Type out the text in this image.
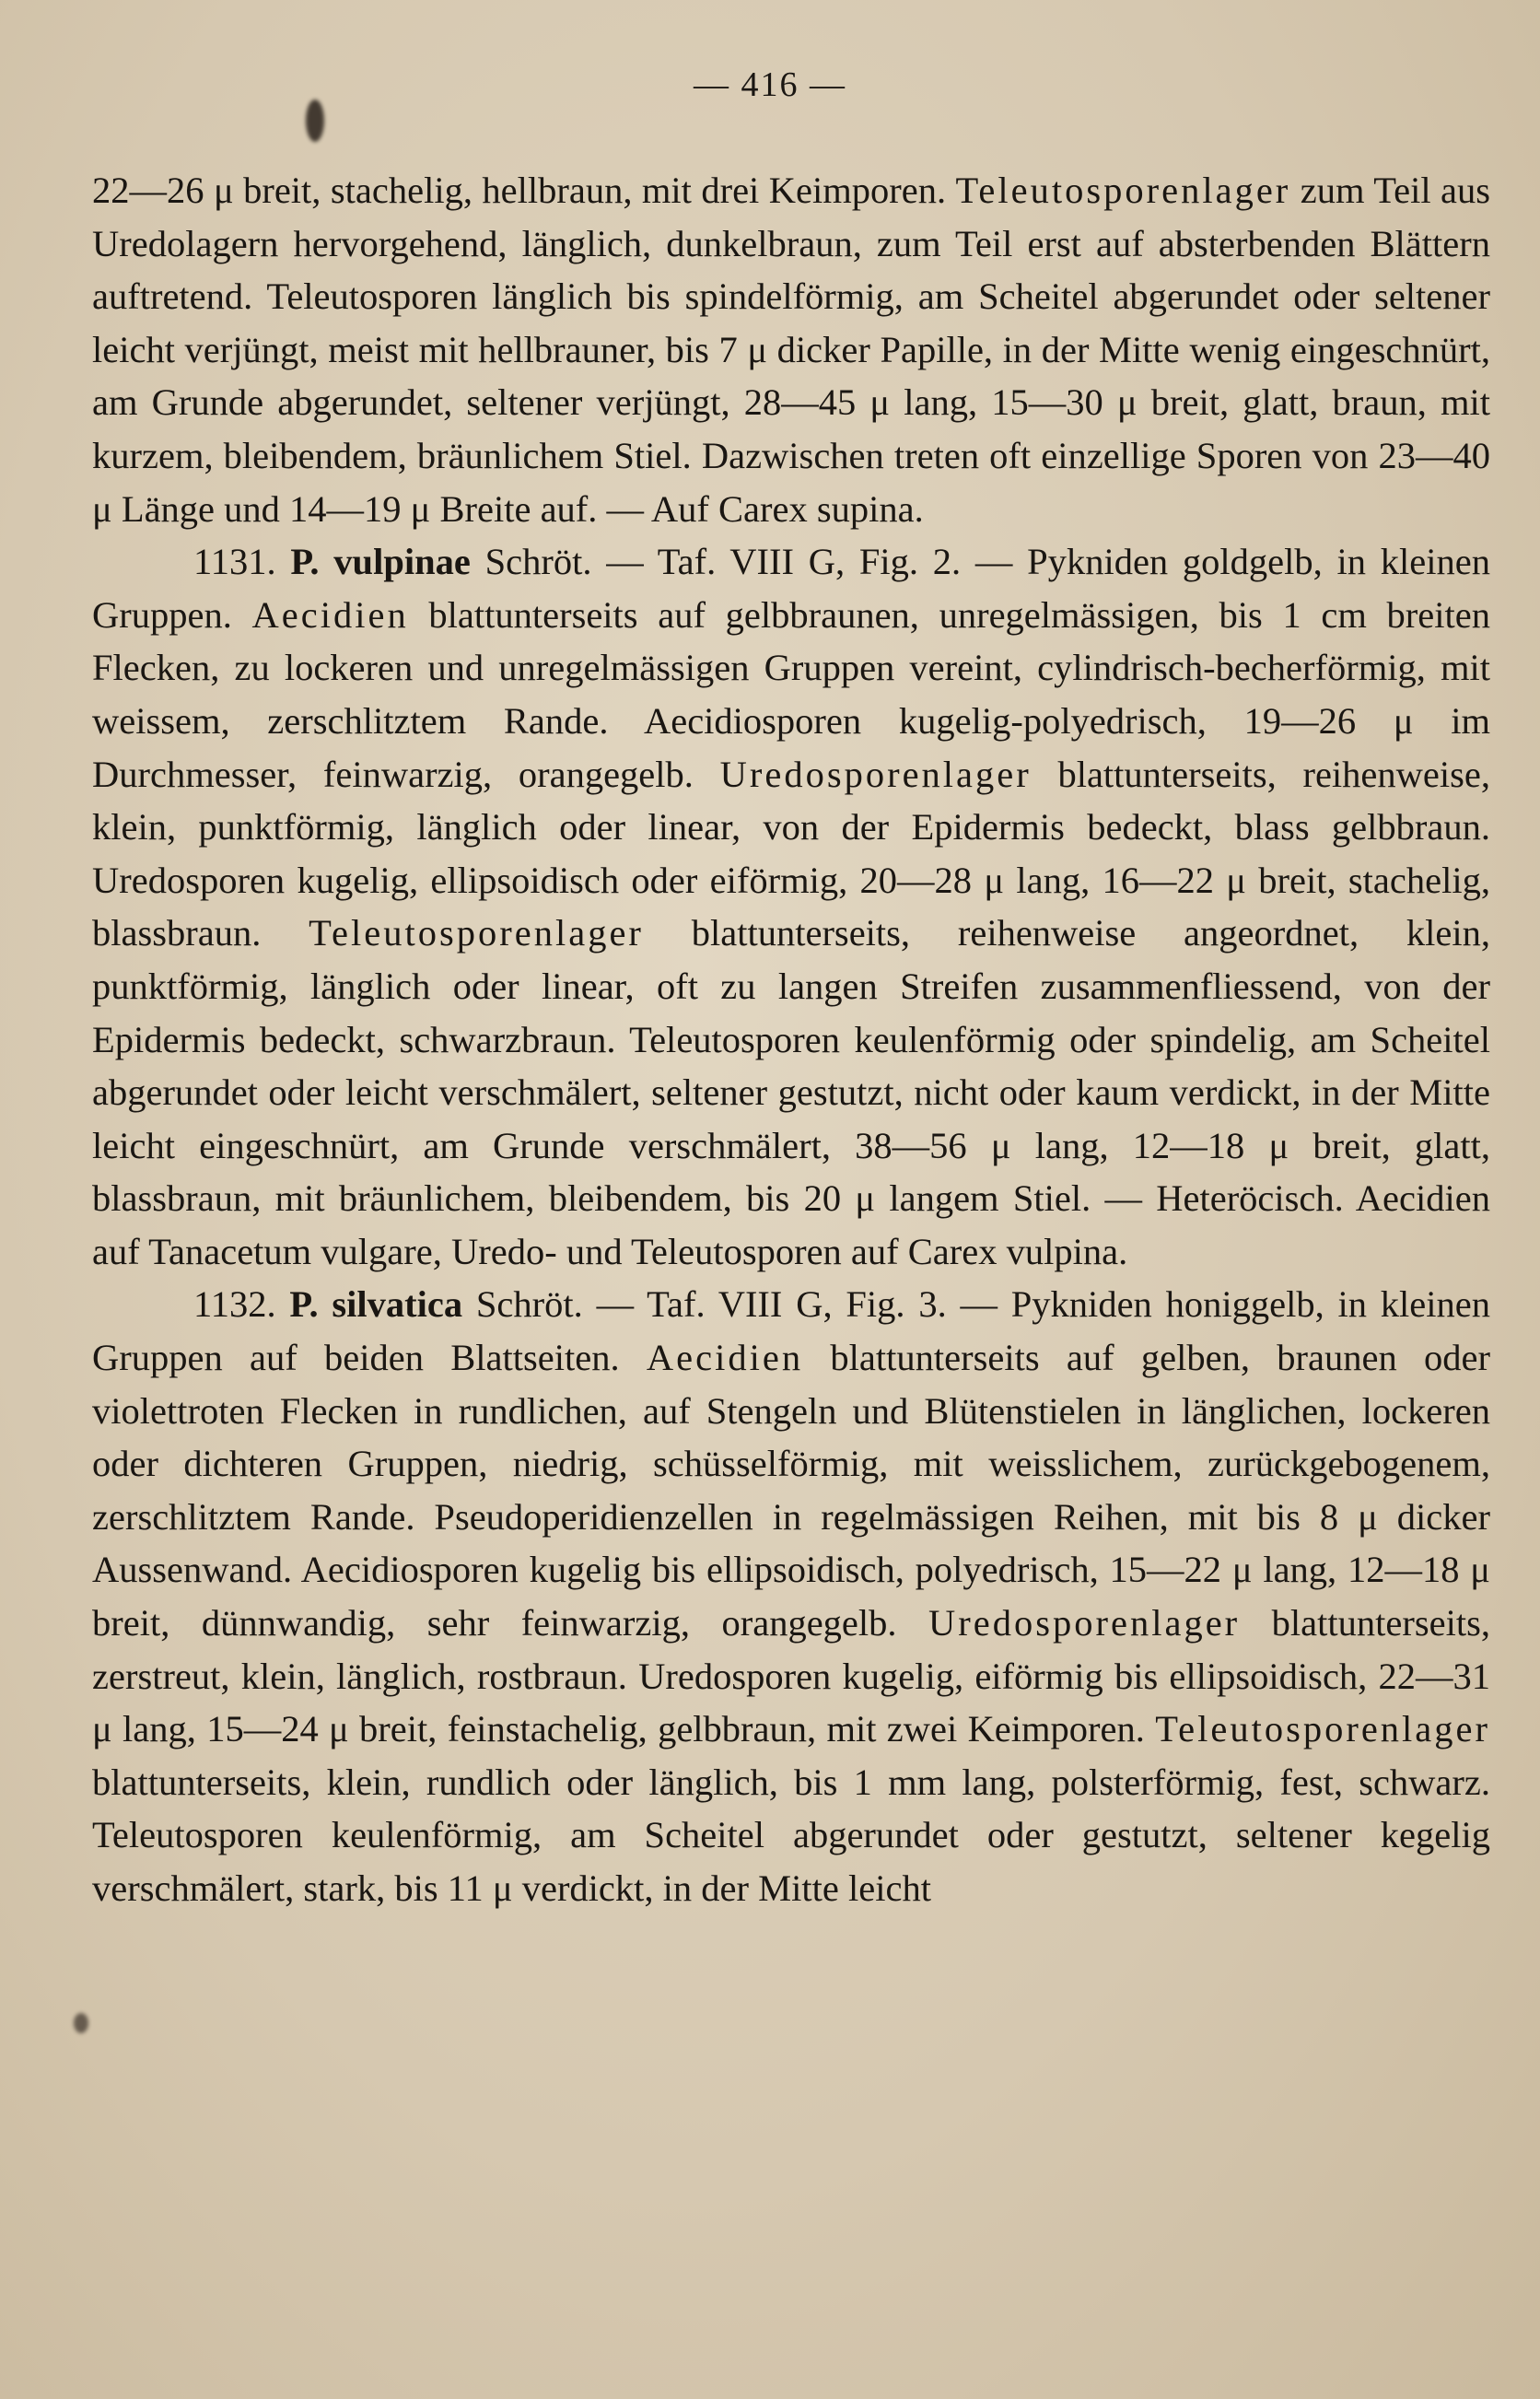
— 416 —

22—26 μ breit, stachelig, hellbraun, mit drei Keimporen. Teleutosporenlager zum Teil aus Uredolagern hervorgehend, länglich, dunkelbraun, zum Teil erst auf absterbenden Blättern auftretend. Teleutosporen länglich bis spindelförmig, am Scheitel abgerundet oder seltener leicht verjüngt, meist mit hellbrauner, bis 7 μ dicker Papille, in der Mitte wenig eingeschnürt, am Grunde abgerundet, seltener verjüngt, 28—45 μ lang, 15—30 μ breit, glatt, braun, mit kurzem, bleibendem, bräunlichem Stiel. Dazwischen treten oft einzellige Sporen von 23—40 μ Länge und 14—19 μ Breite auf. — Auf Carex supina.

1131. P. vulpinae Schröt. — Taf. VIII G, Fig. 2. — Pykniden goldgelb, in kleinen Gruppen. Aecidien blattunterseits auf gelbbraunen, unregelmässigen, bis 1 cm breiten Flecken, zu lockeren und unregelmässigen Gruppen vereint, cylindrisch-becherförmig, mit weissem, zerschlitztem Rande. Aecidiosporen kugelig-polyedrisch, 19—26 μ im Durchmesser, feinwarzig, orangegelb. Uredosporenlager blattunterseits, reihenweise, klein, punktförmig, länglich oder linear, von der Epidermis bedeckt, blass gelbbraun. Uredosporen kugelig, ellipsoidisch oder eiförmig, 20—28 μ lang, 16—22 μ breit, stachelig, blassbraun. Teleutosporenlager blattunterseits, reihenweise angeordnet, klein, punktförmig, länglich oder linear, oft zu langen Streifen zusammenfliessend, von der Epidermis bedeckt, schwarzbraun. Teleutosporen keulenförmig oder spindelig, am Scheitel abgerundet oder leicht verschmälert, seltener gestutzt, nicht oder kaum verdickt, in der Mitte leicht eingeschnürt, am Grunde verschmälert, 38—56 μ lang, 12—18 μ breit, glatt, blassbraun, mit bräunlichem, bleibendem, bis 20 μ langem Stiel. — Heteröcisch. Aecidien auf Tanacetum vulgare, Uredo- und Teleutosporen auf Carex vulpina.

1132. P. silvatica Schröt. — Taf. VIII G, Fig. 3. — Pykniden honiggelb, in kleinen Gruppen auf beiden Blattseiten. Aecidien blattunterseits auf gelben, braunen oder violettroten Flecken in rundlichen, auf Stengeln und Blütenstielen in länglichen, lockeren oder dichteren Gruppen, niedrig, schüsselförmig, mit weisslichem, zurückgebogenem, zerschlitztem Rande. Pseudoperidienzellen in regelmässigen Reihen, mit bis 8 μ dicker Aussenwand. Aecidiosporen kugelig bis ellipsoidisch, polyedrisch, 15—22 μ lang, 12—18 μ breit, dünnwandig, sehr feinwarzig, orangegelb. Uredosporenlager blattunterseits, zerstreut, klein, länglich, rostbraun. Uredosporen kugelig, eiförmig bis ellipsoidisch, 22—31 μ lang, 15—24 μ breit, feinstachelig, gelbbraun, mit zwei Keimporen. Teleutosporenlager blattunterseits, klein, rundlich oder länglich, bis 1 mm lang, polsterförmig, fest, schwarz. Teleutosporen keulenförmig, am Scheitel abgerundet oder gestutzt, seltener kegelig verschmälert, stark, bis 11 μ verdickt, in der Mitte leicht
